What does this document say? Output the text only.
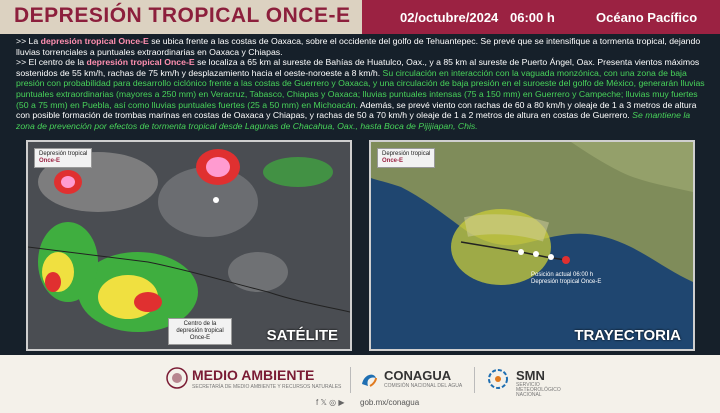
DEPRESIÓN TROPICAL ONCE-E	02/octubre/2024 06:00 h	Océano Pacífico

>> La depresión tropical Once-E se ubica frente a las costas de Oaxaca, sobre el occidente del golfo de Tehuantepec. Se prevé que se intensifique a tormenta tropical, dejando lluvias torrenciales a puntuales extraordinarias en Oaxaca y Chiapas.

>> El centro de la depresión tropical Once-E se localiza a 65 km al sureste de Bahías de Huatulco, Oax., y a 85 km al sureste de Puerto Ángel, Oax. Presenta vientos máximos sostenidos de 55 km/h, rachas de 75 km/h y desplazamiento hacia el oeste-noroeste a 8 km/h. Su circulación en interacción con la vaguada monzónica, con una zona de baja presión con probabilidad para desarrollo ciclónico frente a las costas de Guerrero y Oaxaca, y una circulación de baja presión en el suroeste del golfo de México, generarán lluvias puntuales extraordinarias (mayores a 250 mm) en Veracruz, Tabasco, Chiapas y Oaxaca; lluvias puntuales intensas (75 a 150 mm) en Guerrero y Campeche; lluvias muy fuertes (50 a 75 mm) en Puebla, así como lluvias puntuales fuertes (25 a 50 mm) en Michoacán. Además, se prevé viento con rachas de 60 a 80 km/h y oleaje de 1 a 3 metros de altura con posible formación de trombas marinas en costas de Oaxaca y Chiapas, y rachas de 50 a 70 km/h y oleaje de 1 a 2 metros de altura en costas de Guerrero. Se mantiene la zona de prevención por efectos de tormenta tropical desde Lagunas de Chacahua, Oax., hasta Boca de Pijijiapan, Chis.

Depresión tropical
Once-E
Centro de la depresión tropical Once-E	SATÉLITE
Depresión tropical
Once-E
Posición actual 06:00 h
Depresión tropical Once-E
TRAYECTORIA
MEDIO AMBIENTE
SECRETARÍA DE MEDIO AMBIENTE Y RECURSOS NATURALES
CONAGUA
COMISIÓN NACIONAL DEL AGUA
SMN
SERVICIO METEOROLÓGICO NACIONAL
f 𝕏 ◎ ▶ gob.mx/conagua
